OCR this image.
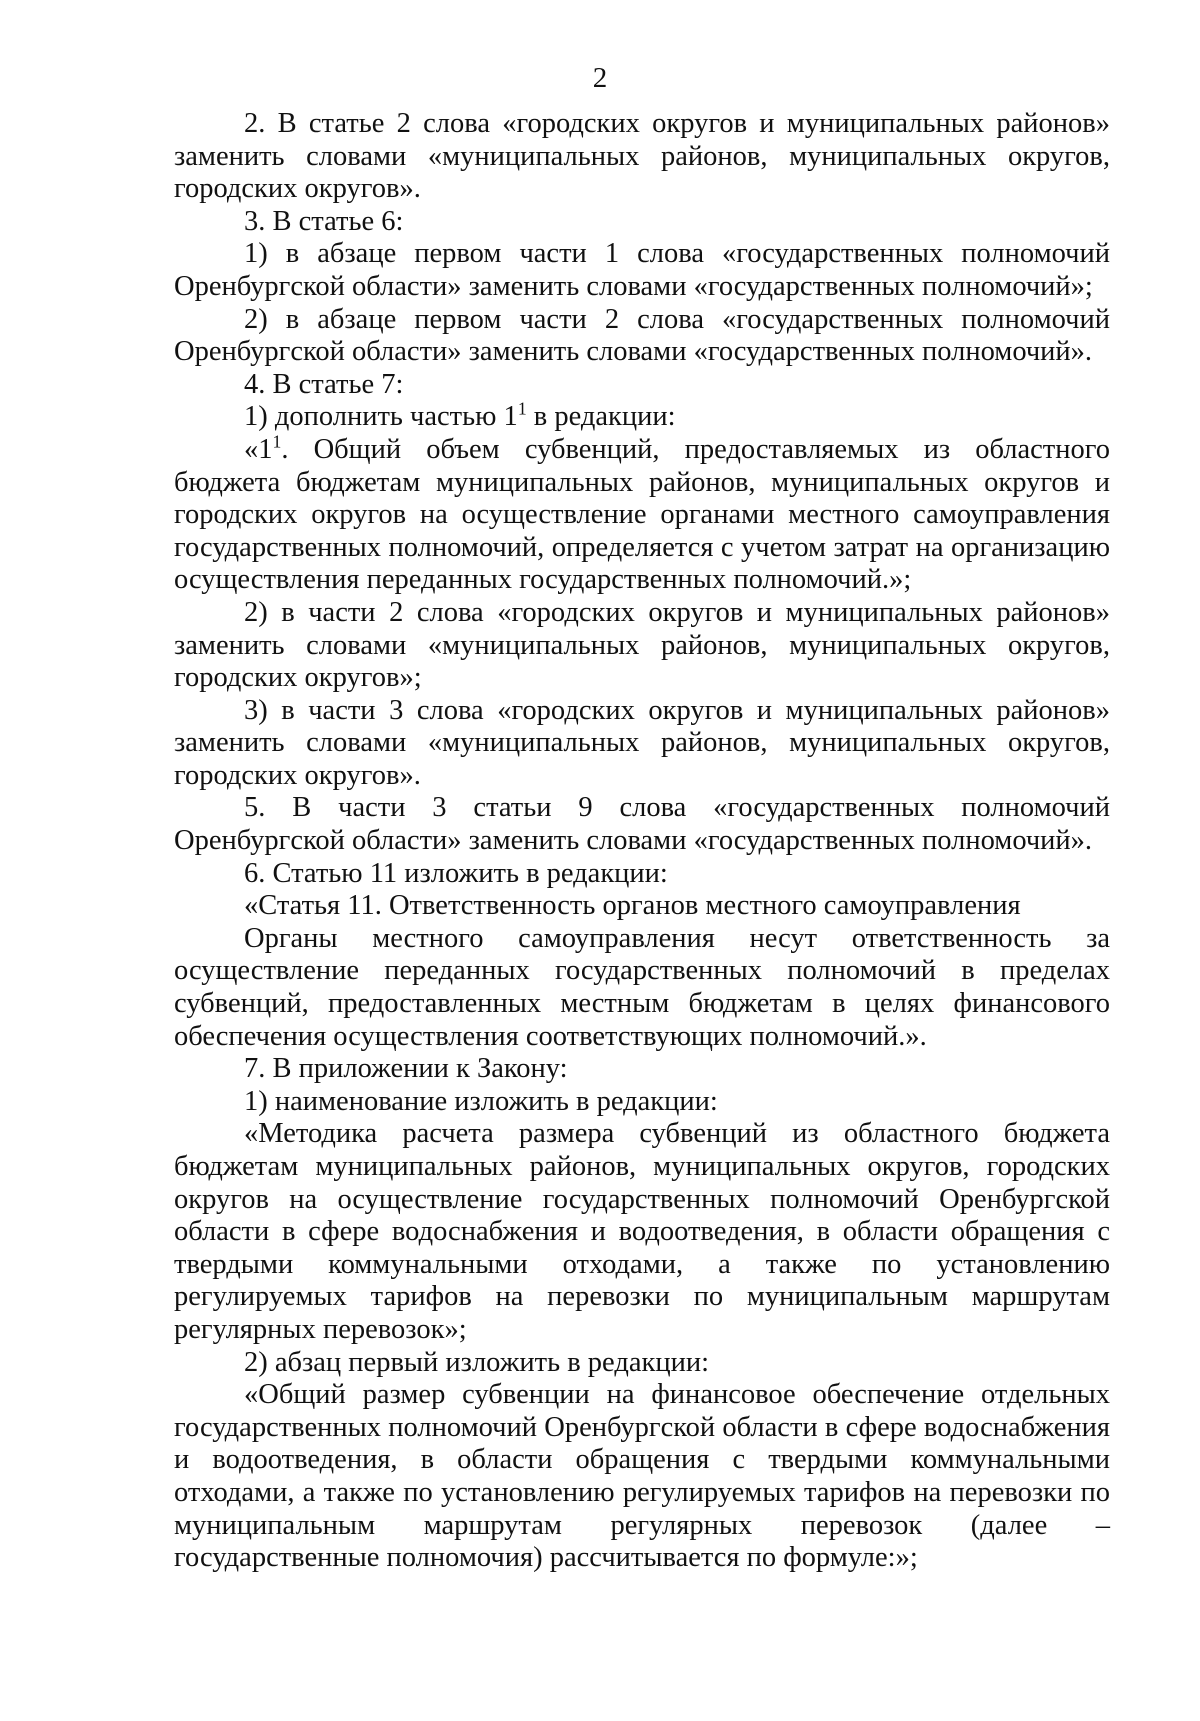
2

2. В статье 2 слова «городских округов и муниципальных районов» заменить словами «муниципальных районов, муниципальных округов, городских округов».

3. В статье 6:

1) в абзаце первом части 1 слова «государственных полномочий Оренбургской области» заменить словами «государственных полномочий»;

2) в абзаце первом части 2 слова «государственных полномочий Оренбургской области» заменить словами «государственных полномочий».

4. В статье 7:

1) дополнить частью $1^1$ в редакции:

«$1^1$. Общий объем субвенций, предоставляемых из областного бюджета бюджетам муниципальных районов, муниципальных округов и городских округов на осуществление органами местного самоуправления государственных полномочий, определяется с учетом затрат на организацию осуществления переданных государственных полномочий.»;

2) в части 2 слова «городских округов и муниципальных районов» заменить словами «муниципальных районов, муниципальных округов, городских округов»;

3) в части 3 слова «городских округов и муниципальных районов» заменить словами «муниципальных районов, муниципальных округов, городских округов».

5. В части 3 статьи 9 слова «государственных полномочий Оренбургской области» заменить словами «государственных полномочий».

6. Статью 11 изложить в редакции:

«Статья 11. Ответственность органов местного самоуправления

Органы местного самоуправления несут ответственность за осуществление переданных государственных полномочий в пределах субвенций, предоставленных местным бюджетам в целях финансового обеспечения осуществления соответствующих полномочий.».

7. В приложении к Закону:

1) наименование изложить в редакции:

«Методика расчета размера субвенций из областного бюджета бюджетам муниципальных районов, муниципальных округов, городских округов на осуществление государственных полномочий Оренбургской области в сфере водоснабжения и водоотведения, в области обращения с твердыми коммунальными отходами, а также по установлению регулируемых тарифов на перевозки по муниципальным маршрутам регулярных перевозок»;

2) абзац первый изложить в редакции:

«Общий размер субвенции на финансовое обеспечение отдельных государственных полномочий Оренбургской области в сфере водоснабжения и водоотведения, в области обращения с твердыми коммунальными отходами, а также по установлению регулируемых тарифов на перевозки по муниципальным маршрутам регулярных перевозок (далее – государственные полномочия) рассчитывается по формуле:»;
